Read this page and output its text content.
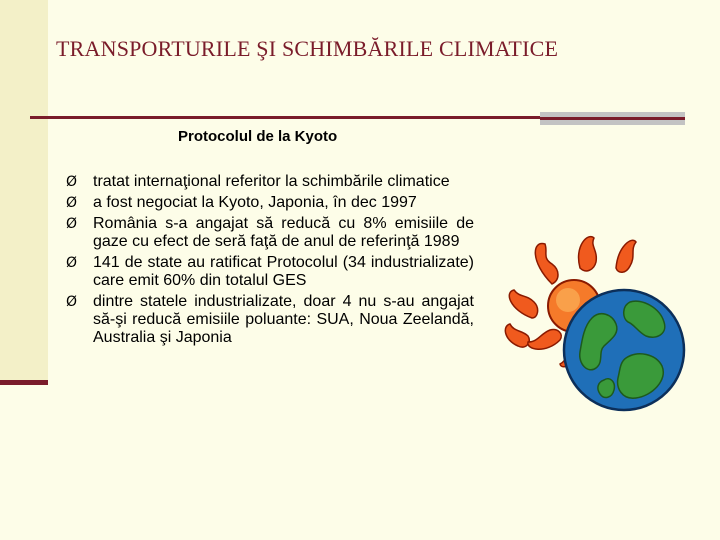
TRANSPORTURILE ŞI SCHIMBĂRILE CLIMATICE
Protocolul de la Kyoto
Ø tratat internaţional referitor la schimbările climatice
Ø a fost negociat la Kyoto, Japonia, în dec 1997
Ø România s-a angajat să reducă cu 8% emisiile de gaze cu efect de seră faţă de anul de referinţă 1989
Ø 141 de state au ratificat Protocolul (34 industrializate) care emit 60% din totalul GES
Ø dintre statele industrializate, doar 4 nu s-au angajat să-şi reducă emisiile poluante: SUA, Noua Zeelandă, Australia şi Japonia
